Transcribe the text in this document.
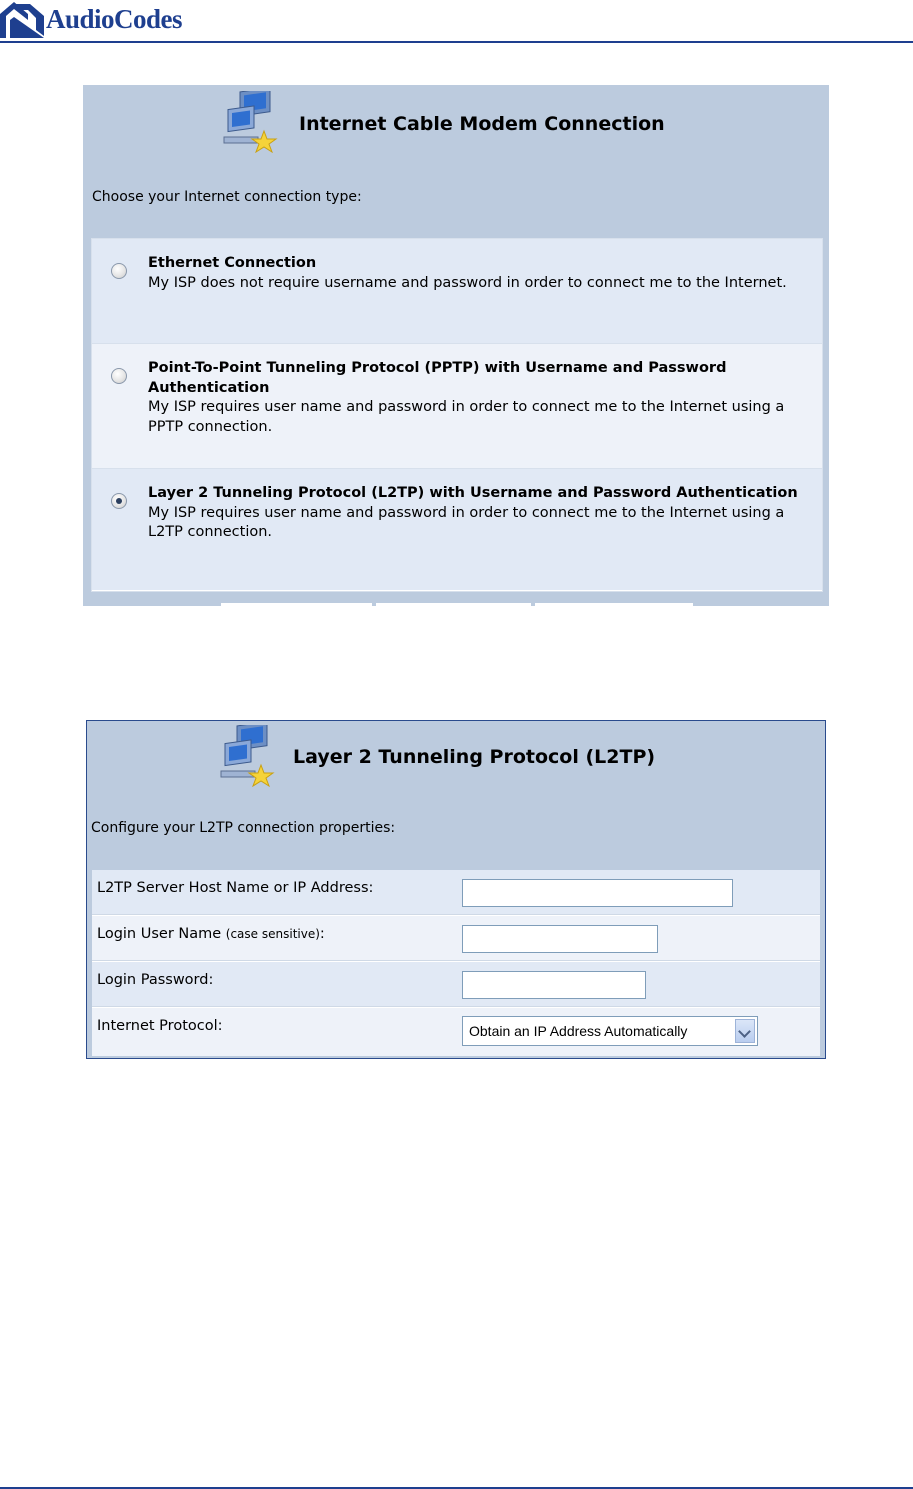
AudioCodes
Internet Cable Modem Connection
Choose your Internet connection type:
Ethernet Connection
My ISP does not require username and password in order to connect me to the Internet.
Point-To-Point Tunneling Protocol (PPTP) with Username and Password Authentication
My ISP requires user name and password in order to connect me to the Internet using a PPTP connection.
Layer 2 Tunneling Protocol (L2TP) with Username and Password Authentication
My ISP requires user name and password in order to connect me to the Internet using a L2TP connection.
Layer 2 Tunneling Protocol (L2TP)
Configure your L2TP connection properties:
L2TP Server Host Name or IP Address:
Login User Name (case sensitive):
Login Password:
Internet Protocol:	Obtain an IP Address Automatically
